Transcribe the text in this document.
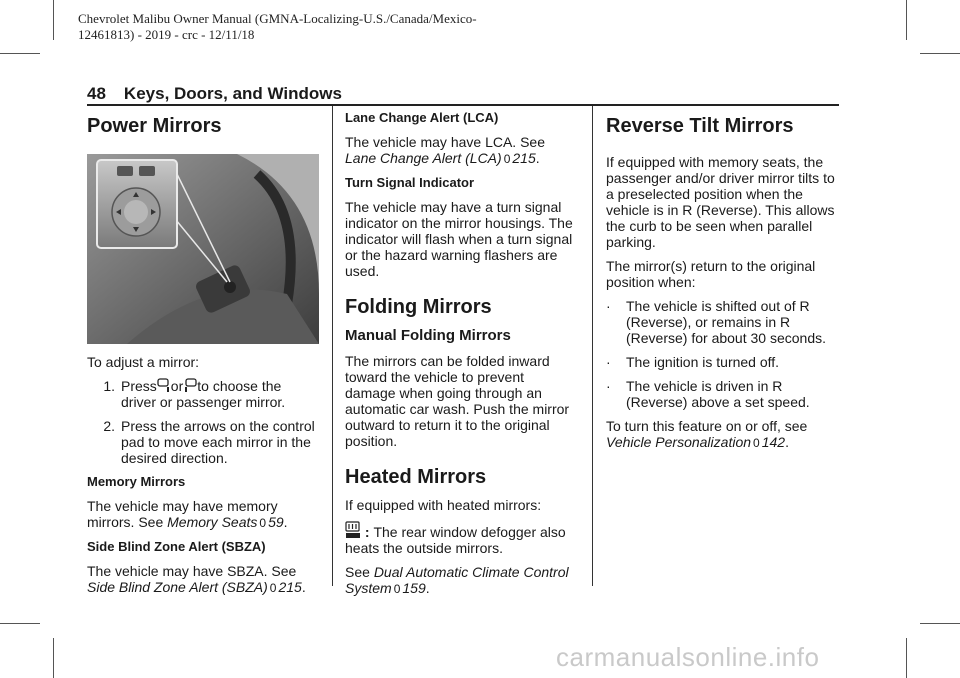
Chevrolet Malibu Owner Manual (GMNA-Localizing-U.S./Canada/Mexico-
12461813) - 2019 - crc - 12/11/18
48 Keys, Doors, and Windows
Power Mirrors

To adjust a mirror:

1. Press or to choose the driver or passenger mirror.
2. Press the arrows on the control pad to move each mirror in the desired direction.
Memory Mirrors

The vehicle may have memory mirrors. See Memory Seats 0 59.

Side Blind Zone Alert (SBZA)

The vehicle may have SBZA. See Side Blind Zone Alert (SBZA) 0 215.

Lane Change Alert (LCA)

The vehicle may have LCA. See Lane Change Alert (LCA) 0 215.

Turn Signal Indicator

The vehicle may have a turn signal indicator on the mirror housings. The indicator will flash when a turn signal or the hazard warning flashers are used.

Folding Mirrors
Manual Folding Mirrors

The mirrors can be folded inward toward the vehicle to prevent damage when going through an automatic car wash. Push the mirror outward to return it to the original position.

Heated Mirrors

If equipped with heated mirrors:

: The rear window defogger also heats the outside mirrors.

See Dual Automatic Climate Control System 0 159.

Reverse Tilt Mirrors

If equipped with memory seats, the passenger and/or driver mirror tilts to a preselected position when the vehicle is in R (Reverse). This allows the curb to be seen when parallel parking.

The mirror(s) return to the original position when:

·	The vehicle is shifted out of R (Reverse), or remains in R (Reverse) for about 30 seconds.
·	The ignition is turned off.
·	The vehicle is driven in R (Reverse) above a set speed.

To turn this feature on or off, see Vehicle Personalization 0 142.

carmanualsonline.info
